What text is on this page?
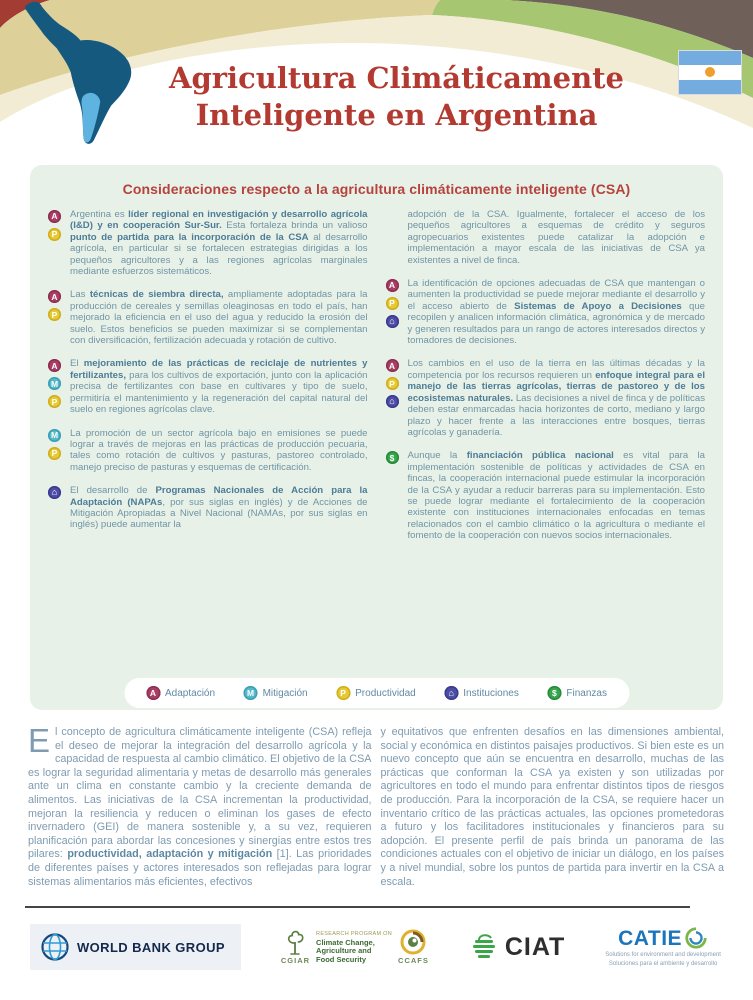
Agricultura Climáticamente
Inteligente en Argentina
Consideraciones respecto a la agricultura climáticamente inteligente (CSA)
A
P
Argentina es líder regional en investigación y desarrollo agrícola (I&D) y en cooperación Sur-Sur. Esta fortaleza brinda un valioso punto de partida para la incorporación de la CSA al desarrollo agrícola, en particular si se fortalecen estrategias dirigidas a los pequeños agricultores y a las regiones agrícolas marginales mediante esfuerzos sistemáticos.
A
P
Las técnicas de siembra directa, ampliamente adoptadas para la producción de cereales y semillas oleaginosas en todo el país, han mejorado la eficiencia en el uso del agua y reducido la erosión del suelo. Estos beneficios se pueden maximizar si se complementan con diversificación, fertilización adecuada y rotación de cultivo.
A
M
P
El mejoramiento de las prácticas de reciclaje de nutrientes y fertilizantes, para los cultivos de exportación, junto con la aplicación precisa de fertilizantes con base en cultivares y tipo de suelo, permitiría el mantenimiento y la regeneración del capital natural del suelo en regiones agrícolas clave.
M
P
La promoción de un sector agrícola bajo en emisiones se puede lograr a través de mejoras en las prácticas de producción pecuaria, tales como rotación de cultivos y pasturas, pastoreo controlado, manejo preciso de pasturas y esquemas de certificación.
⌂	El desarrollo de Programas Nacionales de Acción para la Adaptación (NAPAs, por sus siglas en inglés) y de Acciones de Mitigación Apropiadas a Nivel Nacional (NAMAs, por sus siglas en inglés) puede aumentar la
adopción de la CSA. Igualmente, fortalecer el acceso de los pequeños agricultores a esquemas de crédito y seguros agropecuarios existentes puede catalizar la adopción e implementación a mayor escala de las iniciativas de CSA ya existentes a nivel de finca.
A
P
⌂
La identificación de opciones adecuadas de CSA que mantengan o aumenten la productividad se puede mejorar mediante el desarrollo y el acceso abierto de Sistemas de Apoyo a Decisiones que recopilen y analicen información climática, agronómica y de mercado y generen resultados para un rango de actores interesados directos y tomadores de decisiones.
A
P
⌂
Los cambios en el uso de la tierra en las últimas décadas y la competencia por los recursos requieren un enfoque integral para el manejo de las tierras agrícolas, tierras de pastoreo y de los ecosistemas naturales. Las decisiones a nivel de finca y de políticas deben estar enmarcadas hacia horizontes de corto, mediano y largo plazo y hacer frente a las interacciones entre bosques, tierras agrícolas y ganadería.
$	Aunque la financiación pública nacional es vital para la implementación sostenible de políticas y actividades de CSA en fincas, la cooperación internacional puede estimular la incorporación de la CSA y ayudar a reducir barreras para su implementación. Esto se puede lograr mediante el fortalecimiento de la cooperación existente con instituciones internacionales enfocadas en temas relacionados con el cambio climático o la agricultura o mediante el fomento de la cooperación con nuevos socios internacionales.
A Adaptación	M Mitigación	P Productividad	⌂ Instituciones	$ Finanzas

El concepto de agricultura climáticamente inteligente (CSA) refleja el deseo de mejorar la integración del desarrollo agrícola y la capacidad de respuesta al cambio climático. El objetivo de la CSA es lograr la seguridad alimentaria y metas de desarrollo más generales ante un clima en constante cambio y la creciente demanda de alimentos. Las iniciativas de la CSA incrementan la productividad, mejoran la resiliencia y reducen o eliminan los gases de efecto invernadero (GEI) de manera sostenible y, a su vez, requieren planificación para abordar las concesiones y sinergias entre estos tres pilares: productividad, adaptación y mitigación [1]. Las prioridades de diferentes países y actores interesados son reflejadas para lograr sistemas alimentarios más eficientes, efectivos

y equitativos que enfrenten desafíos en las dimensiones ambiental, social y económica en distintos paisajes productivos. Si bien este es un nuevo concepto que aún se encuentra en desarrollo, muchas de las prácticas que conforman la CSA ya existen y son utilizadas por agricultores en todo el mundo para enfrentar distintos tipos de riesgos de producción. Para la incorporación de la CSA, se requiere hacer un inventario crítico de las prácticas actuales, las opciones prometedoras a futuro y los facilitadores institucionales y financieros para su adopción. El presente perfil de país brinda un panorama de las condiciones actuales con el objetivo de iniciar un diálogo, en los países y a nivel mundial, sobre los puntos de partida para invertir en la CSA a escala.

WORLD BANK GROUP
CGIAR
RESEARCH PROGRAM ON
Climate Change,
Agriculture and
Food Security	CCAFS	CIAT	CATIE
Solutions for environment and development
Soluciones para el ambiente y desarrollo
